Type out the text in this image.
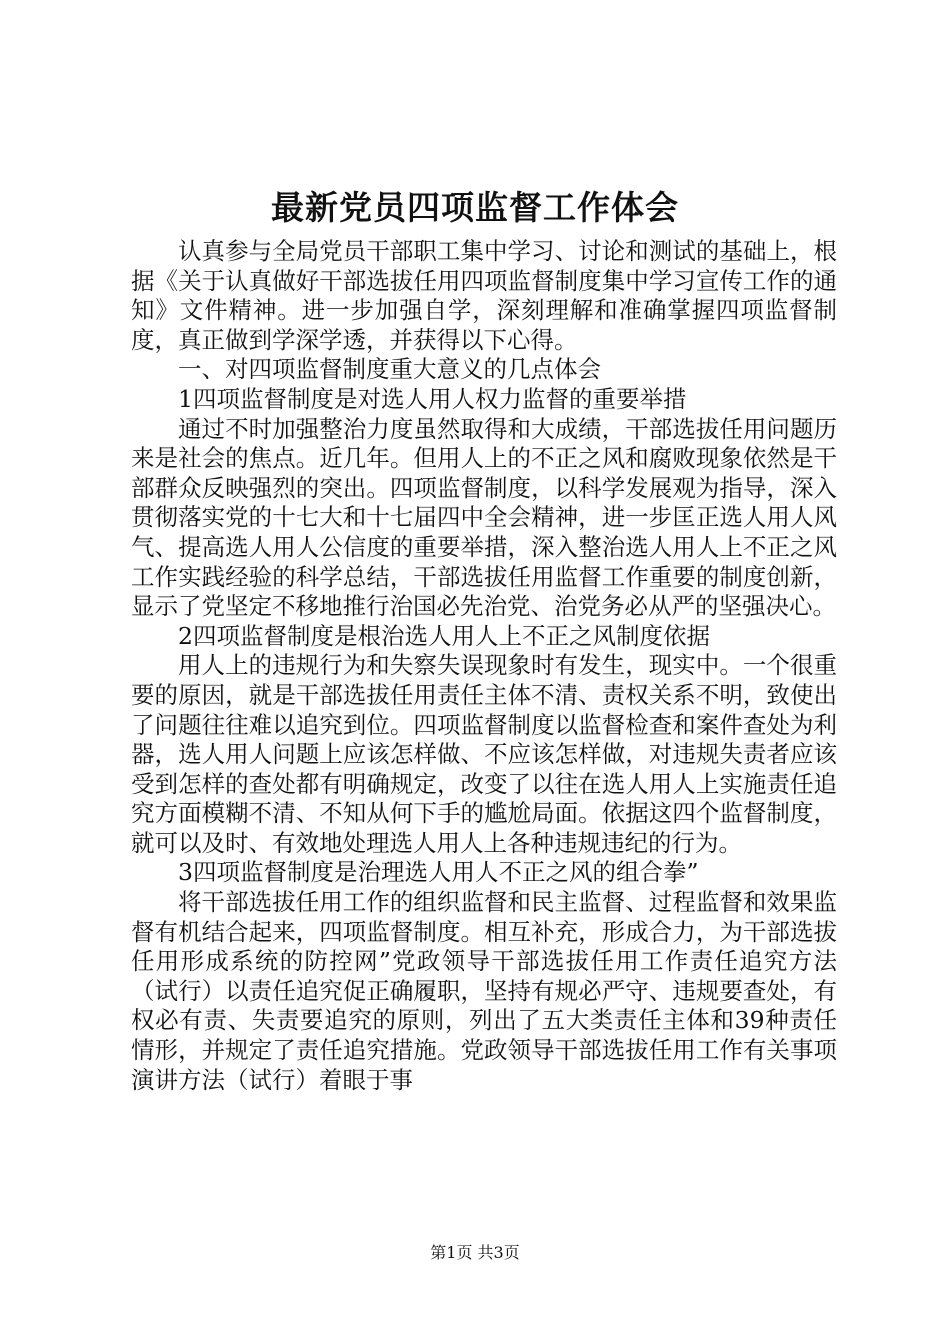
最新党员四项监督工作体会

认真参与全局党员干部职工集中学习、讨论和测试的基础上，根据《关于认真做好干部选拔任用四项监督制度集中学习宣传工作的通知》文件精神。进一步加强自学，深刻理解和准确掌握四项监督制度，真正做到学深学透，并获得以下心得。

一、对四项监督制度重大意义的几点体会

1四项监督制度是对选人用人权力监督的重要举措

通过不时加强整治力度虽然取得和大成绩，干部选拔任用问题历来是社会的焦点。近几年。但用人上的不正之风和腐败现象依然是干部群众反映强烈的突出。四项监督制度，以科学发展观为指导，深入贯彻落实党的十七大和十七届四中全会精神，进一步匡正选人用人风气、提高选人用人公信度的重要举措，深入整治选人用人上不正之风工作实践经验的科学总结，干部选拔任用监督工作重要的制度创新，显示了党坚定不移地推行治国必先治党、治党务必从严的坚强决心。

2四项监督制度是根治选人用人上不正之风制度依据

用人上的违规行为和失察失误现象时有发生，现实中。一个很重要的原因，就是干部选拔任用责任主体不清、责权关系不明，致使出了问题往往难以追究到位。四项监督制度以监督检查和案件查处为利器，选人用人问题上应该怎样做、不应该怎样做，对违规失责者应该受到怎样的查处都有明确规定，改变了以往在选人用人上实施责任追究方面模糊不清、不知从何下手的尴尬局面。依据这四个监督制度，就可以及时、有效地处理选人用人上各种违规违纪的行为。

3四项监督制度是治理选人用人不正之风的组合拳”

将干部选拔任用工作的组织监督和民主监督、过程监督和效果监督有机结合起来，四项监督制度。相互补充，形成合力，为干部选拔任用形成系统的防控网”党政领导干部选拔任用工作责任追究方法（试行）以责任追究促正确履职，坚持有规必严守、违规要查处，有权必有责、失责要追究的原则，列出了五大类责任主体和39种责任情形，并规定了责任追究措施。党政领导干部选拔任用工作有关事项演讲方法（试行）着眼于事

第1页 共3页
